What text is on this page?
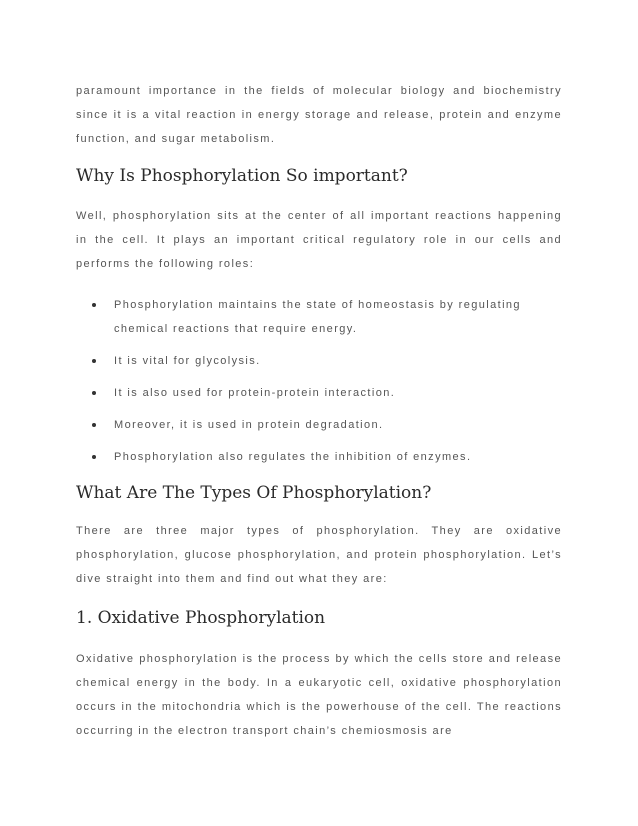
paramount importance in the fields of molecular biology and biochemistry since it is a vital reaction in energy storage and release, protein and enzyme function, and sugar metabolism.

Why Is Phosphorylation So important?

Well, phosphorylation sits at the center of all important reactions happening in the cell. It plays an important critical regulatory role in our cells and performs the following roles:

Phosphorylation maintains the state of homeostasis by regulating chemical reactions that require energy.
It is vital for glycolysis.
It is also used for protein-protein interaction.
Moreover, it is used in protein degradation.
Phosphorylation also regulates the inhibition of enzymes.
What Are The Types Of Phosphorylation?

There are three major types of phosphorylation. They are oxidative phosphorylation, glucose phosphorylation, and protein phosphorylation. Let’s dive straight into them and find out what they are:

1. Oxidative Phosphorylation

Oxidative phosphorylation is the process by which the cells store and release chemical energy in the body. In a eukaryotic cell, oxidative phosphorylation occurs in the mitochondria which is the powerhouse of the cell. The reactions occurring in the electron transport chain’s chemiosmosis are
